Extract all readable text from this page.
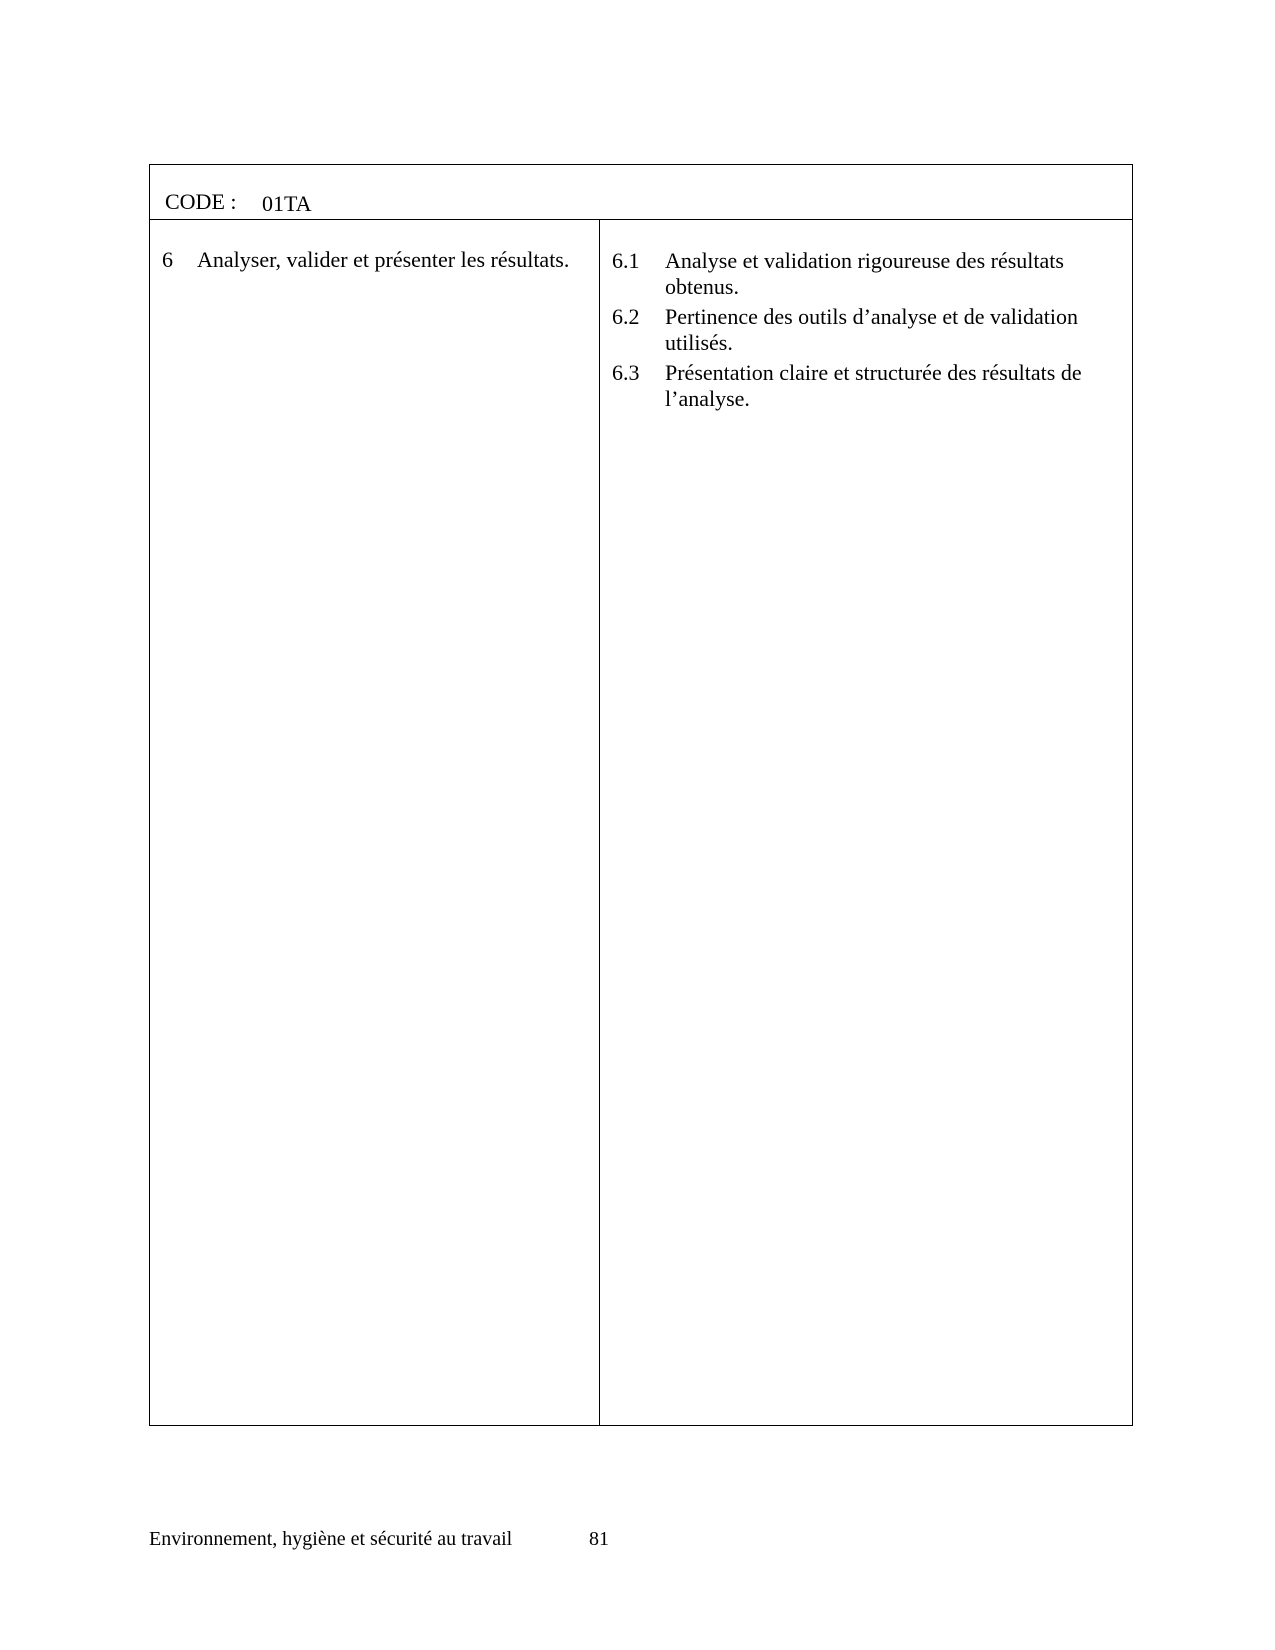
CODE : 01TA
6 Analyser, valider et présenter les résultats. 6.1 Analyse et validation rigoureuse des résultats obtenus.
6.2 Pertinence des outils d’analyse et de validation utilisés.
6.3 Présentation claire et structurée des résultats de l’analyse.
Environnement, hygiène et sécurité au travail	81
